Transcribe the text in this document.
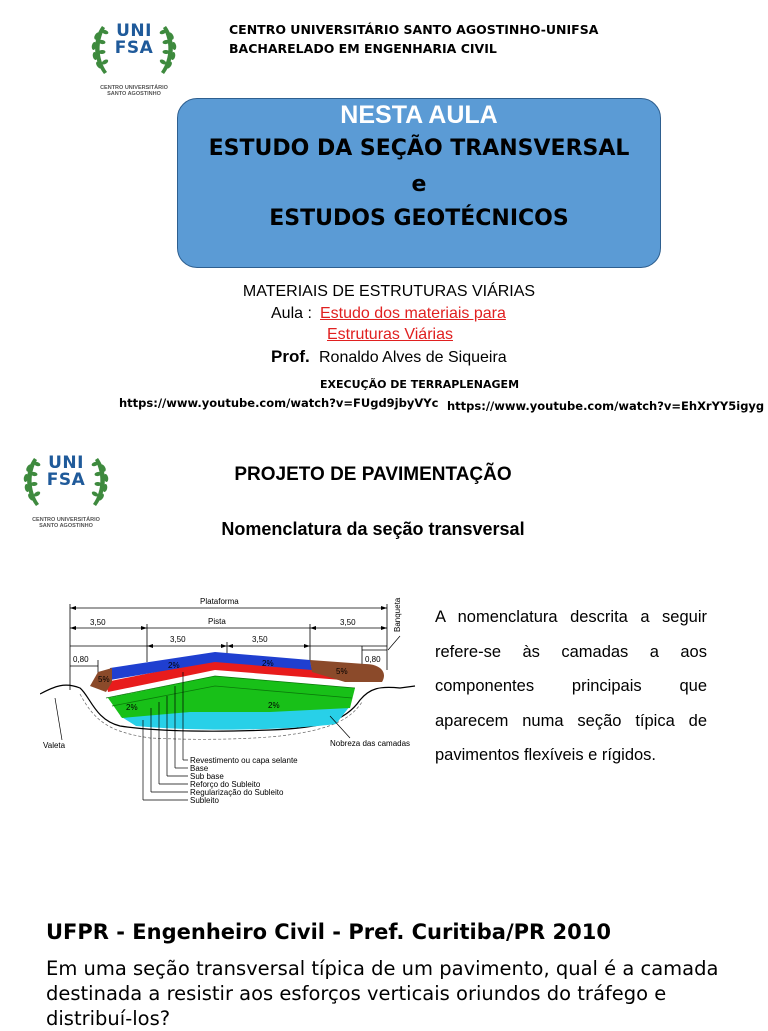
UNI
FSA
CENTRO UNIVERSITÁRIO
SANTO AGOSTINHO
CENTRO UNIVERSITÁRIO SANTO AGOSTINHO-UNIFSA
BACHARELADO EM ENGENHARIA CIVIL
NESTA AULA
ESTUDO DA SEÇÃO TRANSVERSAL
e
ESTUDOS GEOTÉCNICOS
MATERIAIS DE ESTRUTURAS VIÁRIAS
Aula : Estudo dos materiais para
Estruturas Viárias
Prof. Ronaldo Alves de Siqueira
EXECUÇÃO DE TERRAPLENAGEM
https://www.youtube.com/watch?v=FUgd9jbyVYc https://www.youtube.com/watch?v=EhXrYY5igyg
UNI
FSA
CENTRO UNIVERSITÁRIO
SANTO AGOSTINHO
PROJETO DE PAVIMENTAÇÃO
Nomenclatura da seção transversal
Plataforma
Pista
3,50	3,50
3,50	3,50
0,80	0,80
5%
5%
2%	2%
2%	2%
Valeta	Nobreza das camadas
Revestimento ou capa selante
Base
Sub base
Reforço do Subleito
Regularização do Subleito
Subleito
Banqueta A nomenclatura descrita a seguir refere-se às camadas a aos componentes principais que aparecem numa seção típica de pavimentos flexíveis e rígidos.
UFPR - Engenheiro Civil - Pref. Curitiba/PR 2010
Em uma seção transversal típica de um pavimento, qual é a camada destinada a resistir aos esforços verticais oriundos do tráfego e distribuí-los?
